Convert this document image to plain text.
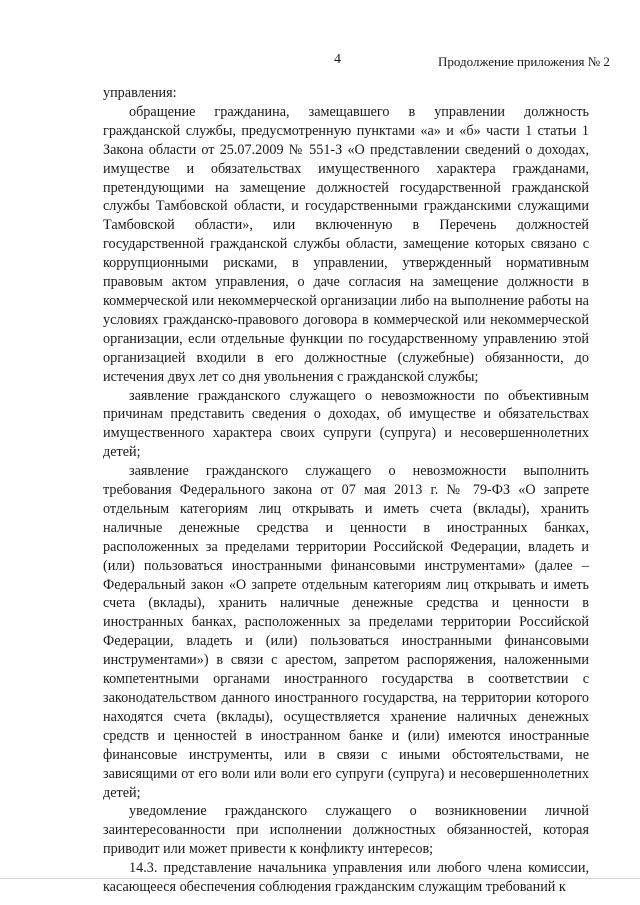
4	Продолжение приложения № 2

управления:

обращение гражданина, замещавшего в управлении должность гражданской службы, предусмотренную пунктами «а» и «б» части 1 статьи 1 Закона области от 25.07.2009 № 551-З «О представлении сведений о доходах, имуществе и обязательствах имущественного характера гражданами, претендующими на замещение должностей государственной гражданской службы Тамбовской области, и государственными гражданскими служащими Тамбовской области», или включенную в Перечень должностей государственной гражданской службы области, замещение которых связано с коррупционными рисками, в управлении, утвержденный нормативным правовым актом управления, о даче согласия на замещение должности в коммерческой или некоммерческой организации либо на выполнение работы на условиях гражданско-правового договора в коммерческой или некоммерческой организации, если отдельные функции по государственному управлению этой организацией входили в его должностные (служебные) обязанности, до истечения двух лет со дня увольнения с гражданской службы;

заявление гражданского служащего о невозможности по объективным причинам представить сведения о доходах, об имуществе и обязательствах имущественного характера своих супруги (супруга) и несовершеннолетних детей;

заявление гражданского служащего о невозможности выполнить требования Федерального закона от 07 мая 2013 г. № 79-ФЗ «О запрете отдельным категориям лиц открывать и иметь счета (вклады), хранить наличные денежные средства и ценности в иностранных банках, расположенных за пределами территории Российской Федерации, владеть и (или) пользоваться иностранными финансовыми инструментами» (далее – Федеральный закон «О запрете отдельным категориям лиц открывать и иметь счета (вклады), хранить наличные денежные средства и ценности в иностранных банках, расположенных за пределами территории Российской Федерации, владеть и (или) пользоваться иностранными финансовыми инструментами») в связи с арестом, запретом распоряжения, наложенными компетентными органами иностранного государства в соответствии с законодательством данного иностранного государства, на территории которого находятся счета (вклады), осуществляется хранение наличных денежных средств и ценностей в иностранном банке и (или) имеются иностранные финансовые инструменты, или в связи с иными обстоятельствами, не зависящими от его воли или воли его супруги (супруга) и несовершеннолетних детей;

уведомление гражданского служащего о возникновении личной заинтересованности при исполнении должностных обязанностей, которая приводит или может привести к конфликту интересов;

14.3. представление начальника управления или любого члена комиссии, касающееся обеспечения соблюдения гражданским служащим требований к
